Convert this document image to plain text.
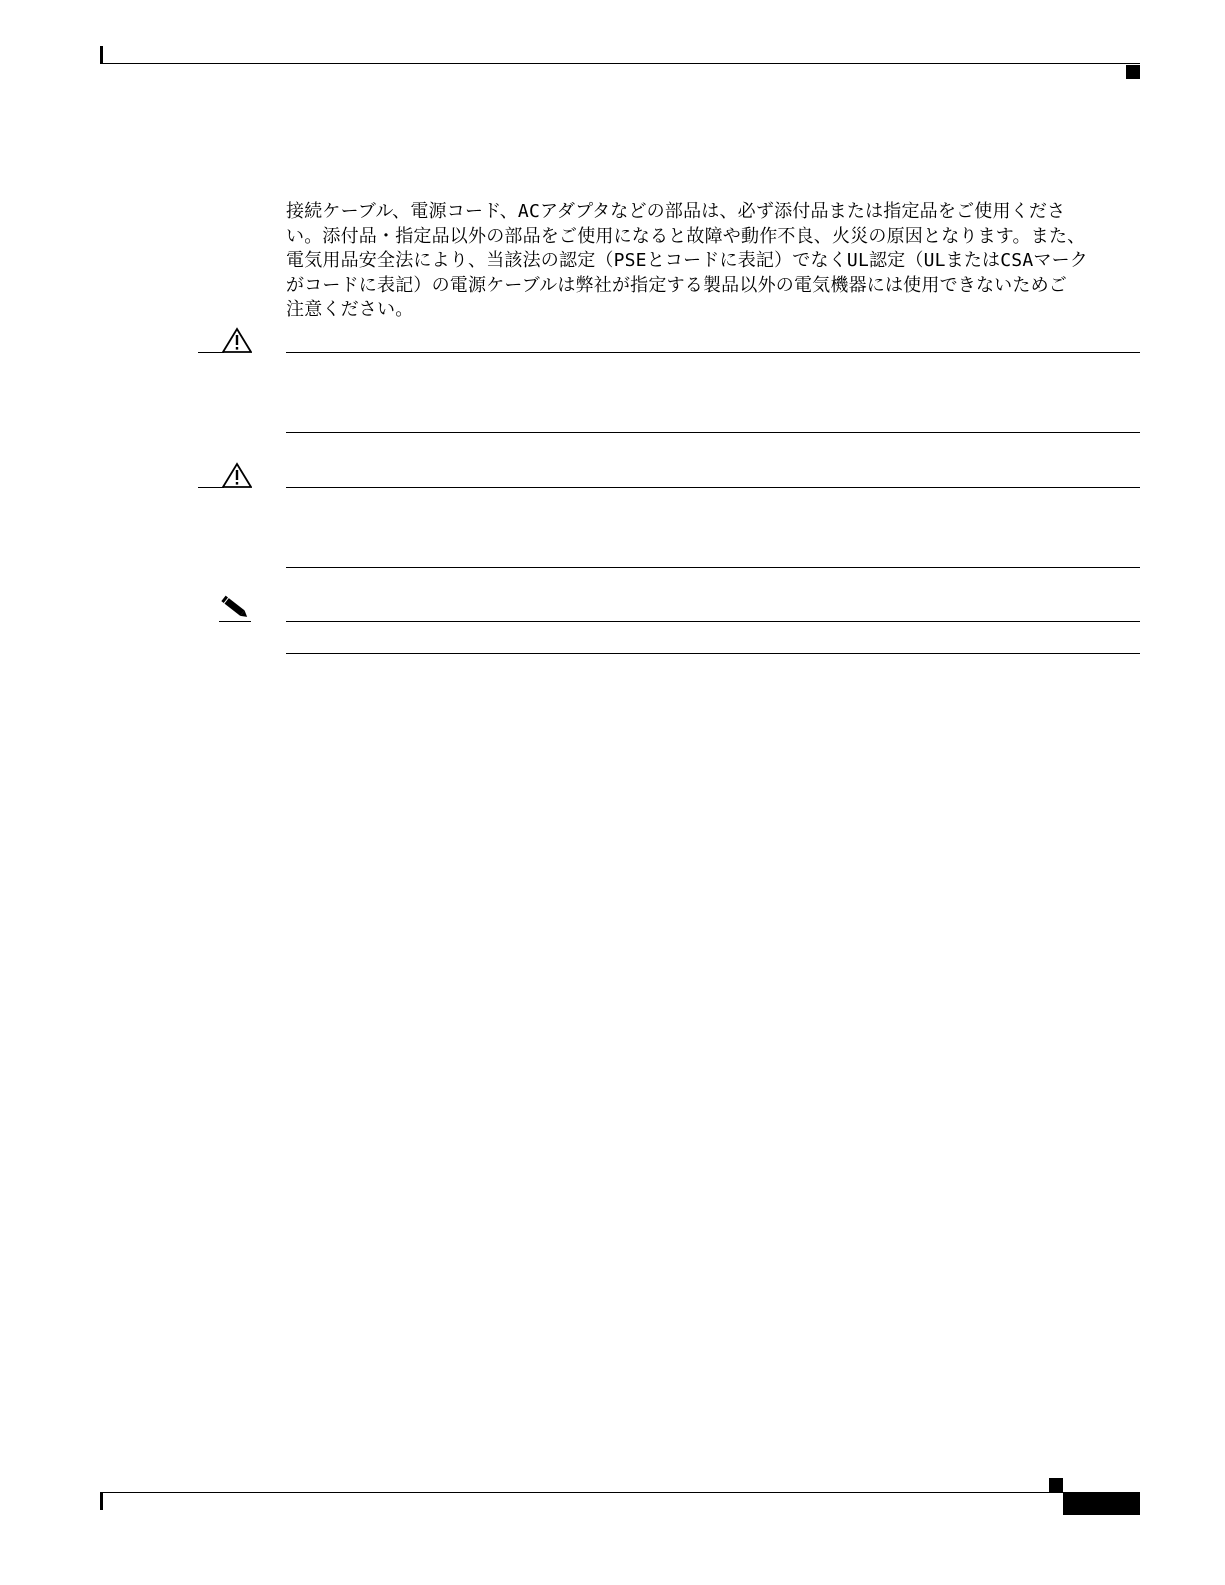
接続ケーブル、電源コード、ACアダプタなどの部品は、必ず添付品または指定品をご使用くださ
い。添付品・指定品以外の部品をご使用になると故障や動作不良、火災の原因となります。また、
電気用品安全法により、当該法の認定（PSEとコードに表記）でなくUL認定（ULまたはCSAマーク
がコードに表記）の電源ケーブルは弊社が指定する製品以外の電気機器には使用できないためご
注意ください。
